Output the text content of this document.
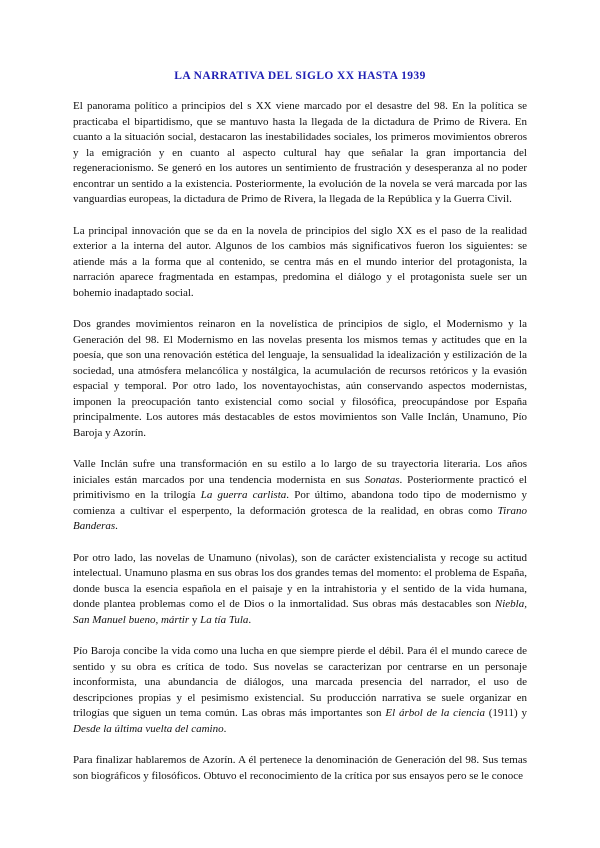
LA NARRATIVA DEL SIGLO XX HASTA 1939

El panorama político a principios del s XX viene marcado por el desastre del 98. En la política se practicaba el bipartidismo, que se mantuvo hasta la llegada de la dictadura de Primo de Rivera. En cuanto a la situación social, destacaron las inestabilidades sociales, los primeros movimientos obreros y la emigración y en cuanto al aspecto cultural hay que señalar la gran importancia del regeneracionismo. Se generó en los autores un sentimiento de frustración y desesperanza al no poder encontrar un sentido a la existencia. Posteriormente, la evolución de la novela se verá marcada por las vanguardias europeas, la dictadura de Primo de Rivera, la llegada de la República y la Guerra Civil.

La principal innovación que se da en la novela de principios del siglo XX es el paso de la realidad exterior a la interna del autor. Algunos de los cambios más significativos fueron los siguientes: se atiende más a la forma que al contenido, se centra más en el mundo interior del protagonista, la narración aparece fragmentada en estampas, predomina el diálogo y el protagonista suele ser un bohemio inadaptado social.

Dos grandes movimientos reinaron en la novelística de principios de siglo, el Modernismo y la Generación del 98. El Modernismo en las novelas presenta los mismos temas y actitudes que en la poesía, que son una renovación estética del lenguaje, la sensualidad la idealización y estilización de la sociedad, una atmósfera melancólica y nostálgica, la acumulación de recursos retóricos y la evasión espacial y temporal. Por otro lado, los noventayochistas, aún conservando aspectos modernistas, imponen la preocupación tanto existencial como social y filosófica, preocupándose por España principalmente. Los autores más destacables de estos movimientos son Valle Inclán, Unamuno, Pío Baroja y Azorín.

Valle Inclán sufre una transformación en su estilo a lo largo de su trayectoria literaria. Los años iniciales están marcados por una tendencia modernista en sus Sonatas. Posteriormente practicó el primitivismo en la trilogía La guerra carlista. Por último, abandona todo tipo de modernismo y comienza a cultivar el esperpento, la deformación grotesca de la realidad, en obras como Tirano Banderas.

Por otro lado, las novelas de Unamuno (nivolas), son de carácter existencialista y recoge su actitud intelectual. Unamuno plasma en sus obras los dos grandes temas del momento: el problema de España, donde busca la esencia española en el paisaje y en la intrahistoria y el sentido de la vida humana, donde plantea problemas como el de Dios o la inmortalidad. Sus obras más destacables son Niebla, San Manuel bueno, mártir y La tía Tula.

Pío Baroja concibe la vida como una lucha en que siempre pierde el débil. Para él el mundo carece de sentido y su obra es crítica de todo. Sus novelas se caracterizan por centrarse en un personaje inconformista, una abundancia de diálogos, una marcada presencia del narrador, el uso de descripciones propias y el pesimismo existencial. Su producción narrativa se suele organizar en trilogías que siguen un tema común. Las obras más importantes son El árbol de la ciencia (1911) y Desde la última vuelta del camino.

Para finalizar hablaremos de Azorín. A él pertenece la denominación de Generación del 98. Sus temas son biográficos y filosóficos. Obtuvo el reconocimiento de la crítica por sus ensayos pero se le conoce
